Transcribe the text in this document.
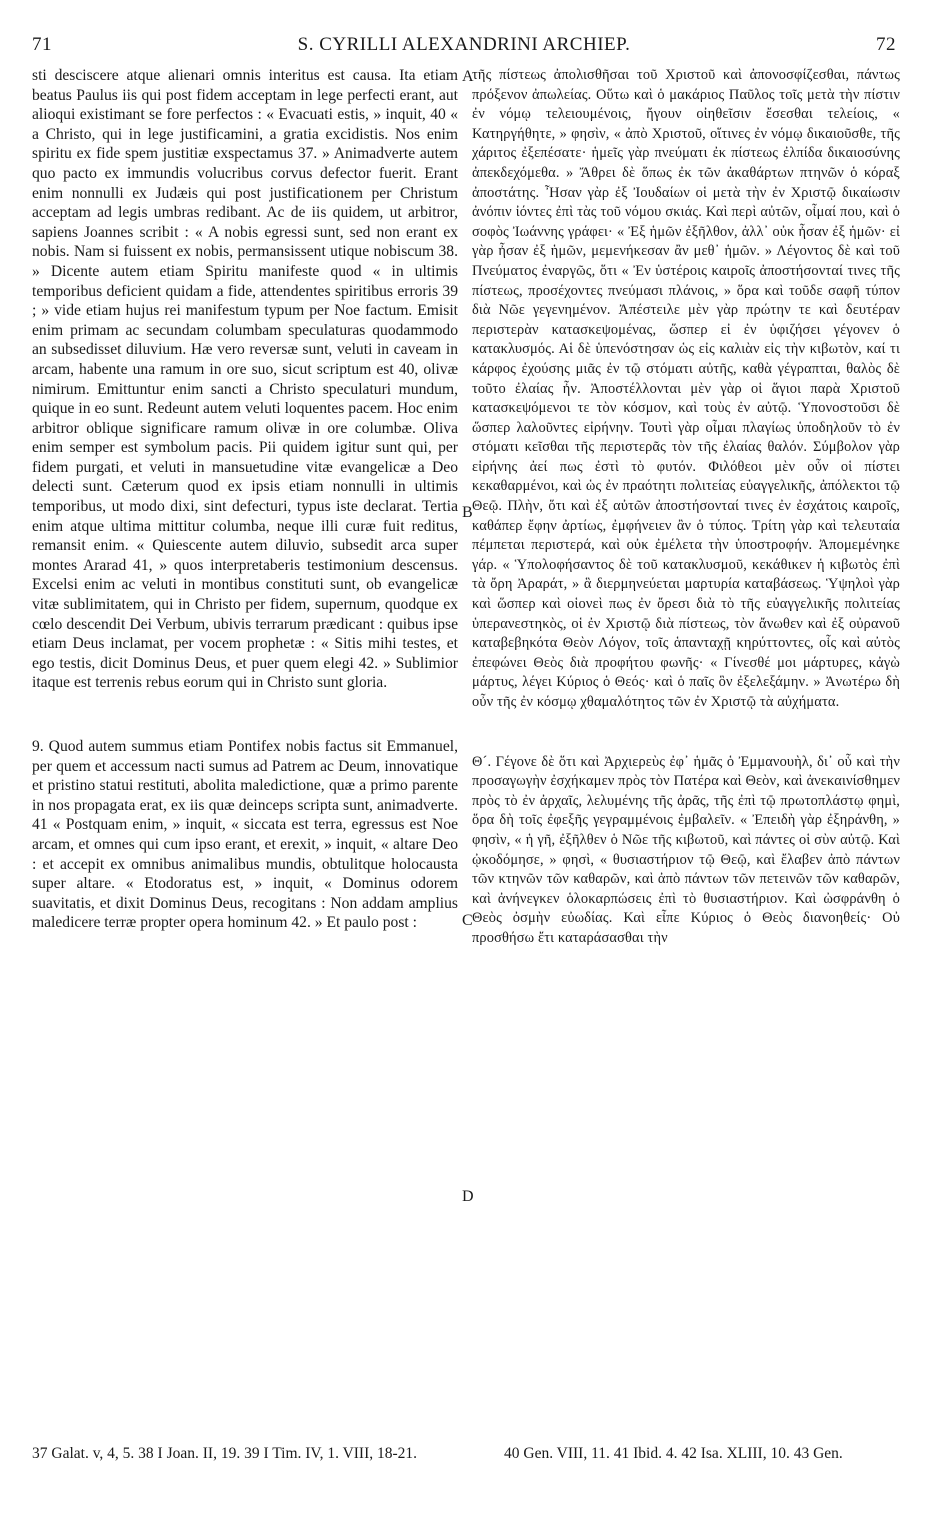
71	S. CYRILLI ALEXANDRINI ARCHIEP.	72

sti desciscere atque alienari omnis interitus est causa. Ita etiam beatus Paulus iis qui post fidem acceptam in lege perfecti erant, aut alioqui existimant se fore perfectos : « Evacuati estis, » inquit, 40 « a Christo, qui in lege justificamini, a gratia excidistis. Nos enim spiritu ex fide spem justitiæ exspectamus 37. » Animadverte autem quo pacto ex immundis volucribus corvus defector fuerit. Erant enim nonnulli ex Judæis qui post justificationem per Christum acceptam ad legis umbras redibant. Ac de iis quidem, ut arbitror, sapiens Joannes scribit : « A nobis egressi sunt, sed non erant ex nobis. Nam si fuissent ex nobis, permansissent utique nobiscum 38. » Dicente autem etiam Spiritu manifeste quod « in ultimis temporibus deficient quidam a fide, attendentes spiritibus erroris 39 ; » vide etiam hujus rei manifestum typum per Noe factum. Emisit enim primam ac secundam columbam speculaturas quodammodo an subsedisset diluvium. Hæ vero reversæ sunt, veluti in caveam in arcam, habente una ramum in ore suo, sicut scriptum est 40, olivæ nimirum. Emittuntur enim sancti a Christo speculaturi mundum, quique in eo sunt. Redeunt autem veluti loquentes pacem. Hoc enim arbitror oblique significare ramum olivæ in ore columbæ. Oliva enim semper est symbolum pacis. Pii quidem igitur sunt qui, per fidem purgati, et veluti in mansuetudine vitæ evangelicæ a Deo delecti sunt. Cæterum quod ex ipsis etiam nonnulli in ultimis temporibus, ut modo dixi, sint defecturi, typus iste declarat. Tertia enim atque ultima mittitur columba, neque illi curæ fuit reditus, remansit enim. « Quiescente autem diluvio, subsedit arca super montes Ararad 41, » quos interpretaberis testimonium descensus. Excelsi enim ac veluti in montibus constituti sunt, ob evangelicæ vitæ sublimitatem, qui in Christo per fidem, supernum, quodque ex cœlo descendit Dei Verbum, ubivis terrarum prædicant : quibus ipse etiam Deus inclamat, per vocem prophetæ : « Sitis mihi testes, et ego testis, dicit Dominus Deus, et puer quem elegi 42. » Sublimior itaque est terrenis rebus eorum qui in Christo sunt gloria.

9. Quod autem summus etiam Pontifex nobis factus sit Emmanuel, per quem et accessum nacti sumus ad Patrem ac Deum, innovatique et pristino statui restituti, abolita maledictione, quæ a primo parente in nos propagata erat, ex iis quæ deinceps scripta sunt, animadverte. 41 « Postquam enim, » inquit, « siccata est terra, egressus est Noe arcam, et omnes qui cum ipso erant, et erexit, » inquit, « altare Deo : et accepit ex omnibus animalibus mundis, obtulitque holocausta super altare. « Etodoratus est, » inquit, « Dominus odorem suavitatis, et dixit Dominus Deus, recogitans : Non addam amplius maledicere terræ propter opera hominum 42. » Et paulo post :

A
B
C
D

τῆς πίστεως ἀπολισθῆσαι τοῦ Χριστοῦ καὶ ἀπονοσφίζεσθαι, πάντως πρόξενον ἀπωλείας. Οὕτω καὶ ὁ μακάριος Παῦλος τοῖς μετὰ τὴν πίστιν ἐν νόμῳ τελειουμένοις, ἤγουν οἰηθεῖσιν ἔσεσθαι τελείοις, « Κατηργήθητε, » φησὶν, « ἀπὸ Χριστοῦ, οἵτινες ἐν νόμῳ δικαιοῦσθε, τῆς χάριτος ἐξεπέσατε· ἡμεῖς γὰρ πνεύματι ἐκ πίστεως ἐλπίδα δικαιοσύνης ἀπεκδεχόμεθα. » Ἄθρει δὲ ὅπως ἐκ τῶν ἀκαθάρτων πτηνῶν ὁ κόραξ ἀποστάτης. Ἦσαν γὰρ ἐξ Ἰουδαίων οἱ μετὰ τὴν ἐν Χριστῷ δικαίωσιν ἀνόπιν ἰόντες ἐπὶ τὰς τοῦ νόμου σκιάς. Καὶ περὶ αὐτῶν, οἶμαί που, καὶ ὁ σοφὸς Ἰωάννης γράφει· « Ἐξ ἡμῶν ἐξῆλθον, ἀλλ᾽ οὐκ ἦσαν ἐξ ἡμῶν· εἰ γὰρ ἦσαν ἐξ ἡμῶν, μεμενήκεσαν ἂν μεθ᾽ ἡμῶν. » Λέγοντος δὲ καὶ τοῦ Πνεύματος ἐναργῶς, ὅτι « Ἐν ὑστέροις καιροῖς ἀποστήσονταί τινες τῆς πίστεως, προσέχοντες πνεύμασι πλάνοις, » ὅρα καὶ τοῦδε σαφῆ τύπον διὰ Νῶε γεγενημένον. Ἀπέστειλε μὲν γὰρ πρώτην τε καὶ δευτέραν περιστερὰν κατασκεψομένας, ὥσπερ εἰ ἐν ὑφιζήσει γέγονεν ὁ κατακλυσμός. Αἱ δὲ ὑπενόστησαν ὡς εἰς καλιὰν εἰς τὴν κιβωτὸν, καί τι κάρφος ἐχούσης μιᾶς ἐν τῷ στόματι αὐτῆς, καθὰ γέγραπται, θαλὸς δὲ τοῦτο ἐλαίας ἦν. Ἀποστέλλονται μὲν γὰρ οἱ ἅγιοι παρὰ Χριστοῦ κατασκεψόμενοι τε τὸν κόσμον, καὶ τοὺς ἐν αὐτῷ. Ὑπονοστοῦσι δὲ ὥσπερ λαλοῦντες εἰρήνην. Τουτὶ γὰρ οἶμαι πλαγίως ὑποδηλοῦν τὸ ἐν στόματι κεῖσθαι τῆς περιστερᾶς τὸν τῆς ἐλαίας θαλόν. Σύμβολον γὰρ εἰρήνης ἀεί πως ἐστὶ τὸ φυτόν. Φιλόθεοι μὲν οὖν οἱ πίστει κεκαθαρμένοι, καὶ ὡς ἐν πραότητι πολιτείας εὐαγγελικῆς, ἀπόλεκτοι τῷ Θεῷ. Πλὴν, ὅτι καὶ ἐξ αὐτῶν ἀποστήσονταί τινες ἐν ἐσχάτοις καιροῖς, καθάπερ ἔφην ἀρτίως, ἐμφήνειεν ἂν ὁ τύπος. Τρίτη γὰρ καὶ τελευταία πέμπεται περιστερά, καὶ οὐκ ἐμέλετα τὴν ὑποστροφήν. Ἀπομεμένηκε γάρ. « Ὑπολοφήσαντος δὲ τοῦ κατακλυσμοῦ, κεκάθικεν ἡ κιβωτὸς ἐπὶ τὰ ὄρη Ἀραράτ, » ἃ διερμηνεύεται μαρτυρία καταβάσεως. Ὑψηλοὶ γὰρ καὶ ὥσπερ καὶ οἱονεὶ πως ἐν ὄρεσι διὰ τὸ τῆς εὐαγγελικῆς πολιτείας ὑπερανεστηκὸς, οἱ ἐν Χριστῷ διὰ πίστεως, τὸν ἄνωθεν καὶ ἐξ οὐρανοῦ καταβεβηκότα Θεὸν Λόγον, τοῖς ἁπανταχῇ κηρύττοντες, οἷς καὶ αὐτὸς ἐπεφώνει Θεὸς διὰ προφήτου φωνῆς· « Γίνεσθέ μοι μάρτυρες, κἀγὼ μάρτυς, λέγει Κύριος ὁ Θεός· καὶ ὁ παῖς ὃν ἐξελεξάμην. » Ἀνωτέρω δὴ οὖν τῆς ἐν κόσμῳ χθαμαλότητος τῶν ἐν Χριστῷ τὰ αὐχήματα.

Θ´. Γέγονε δὲ ὅτι καὶ Ἀρχιερεὺς ἐφ᾽ ἡμᾶς ὁ Ἐμμανουὴλ, δι᾽ οὗ καὶ τὴν προσαγωγὴν ἐσχήκαμεν πρὸς τὸν Πατέρα καὶ Θεὸν, καὶ ἀνεκαινίσθημεν πρὸς τὸ ἐν ἀρχαῖς, λελυμένης τῆς ἀρᾶς, τῆς ἐπὶ τῷ πρωτοπλάστῳ φημὶ, ὅρα δὴ τοῖς ἐφεξῆς γεγραμμένοις ἐμβαλεῖν. « Ἐπειδὴ γὰρ ἐξηράνθη, » φησὶν, « ἡ γῆ, ἐξῆλθεν ὁ Νῶε τῆς κιβωτοῦ, καὶ πάντες οἱ σὺν αὐτῷ. Καὶ ᾠκοδόμησε, » φησὶ, « θυσιαστήριον τῷ Θεῷ, καὶ ἔλαβεν ἀπὸ πάντων τῶν κτηνῶν τῶν καθαρῶν, καὶ ἀπὸ πάντων τῶν πετεινῶν τῶν καθαρῶν, καὶ ἀνήνεγκεν ὁλοκαρπώσεις ἐπὶ τὸ θυσιαστήριον. Καὶ ὠσφράνθη ὁ Θεὸς ὀσμὴν εὐωδίας. Καὶ εἶπε Κύριος ὁ Θεὸς διανοηθείς· Οὐ προσθήσω ἔτι καταράσασθαι τὴν

37 Galat. v, 4, 5. 38 I Joan. II, 19. 39 I Tim. IV, 1. VIII, 18-21.	40 Gen. VIII, 11. 41 Ibid. 4. 42 Isa. XLIII, 10. 43 Gen.
